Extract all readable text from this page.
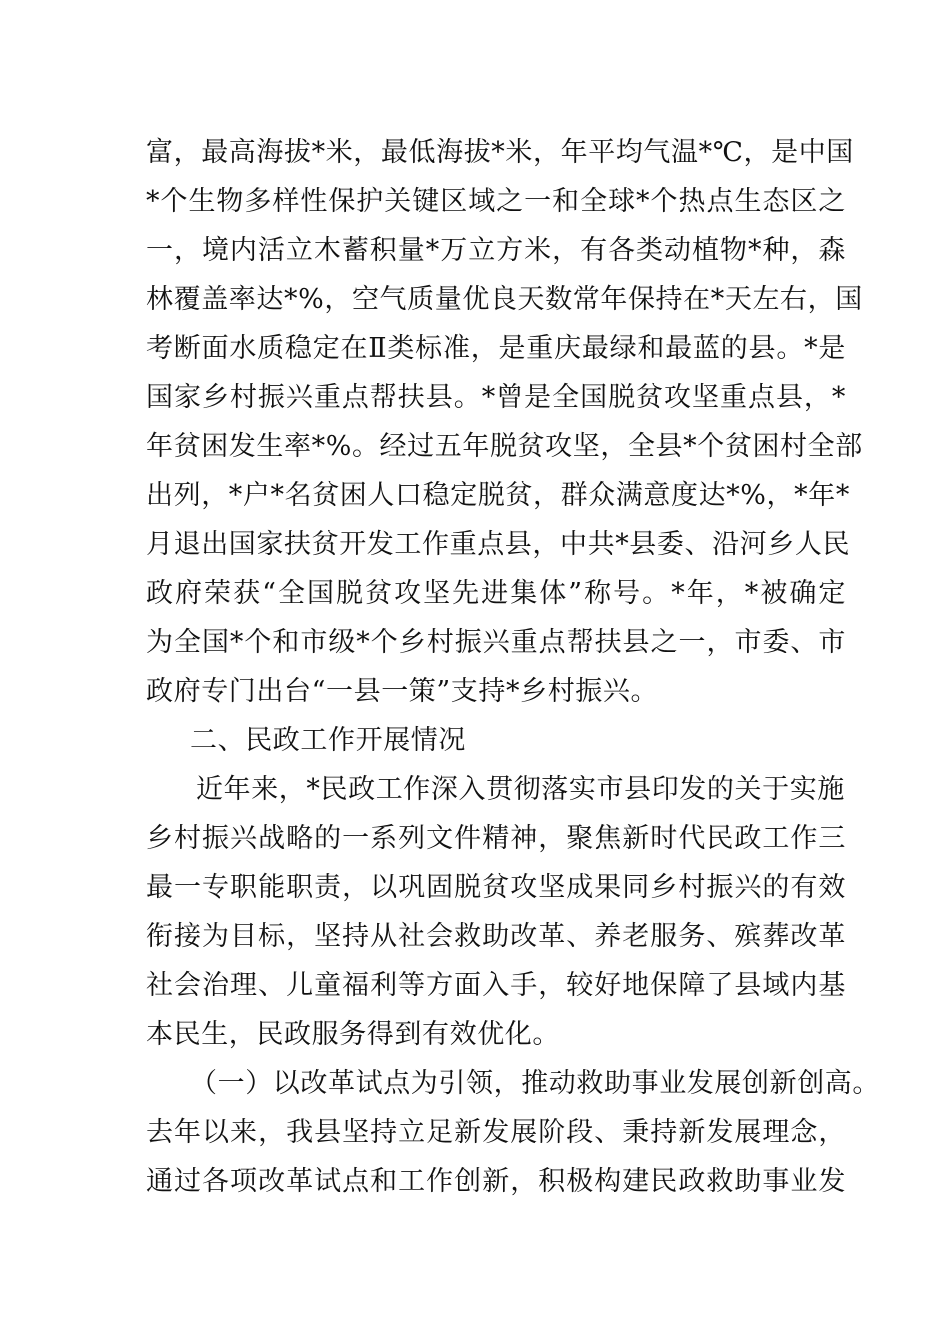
富，最高海拔*米，最低海拔*米，年平均气温*℃，是中国
*个生物多样性保护关键区域之一和全球*个热点生态区之
一，境内活立木蓄积量*万立方米，有各类动植物*种，森
林覆盖率达*%，空气质量优良天数常年保持在*天左右，国
考断面水质稳定在Ⅱ类标准，是重庆最绿和最蓝的县。*是
国家乡村振兴重点帮扶县。*曾是全国脱贫攻坚重点县，*
年贫困发生率*%。经过五年脱贫攻坚，全县*个贫困村全部
出列，*户*名贫困人口稳定脱贫，群众满意度达*%，*年*
月退出国家扶贫开发工作重点县，中共*县委、沿河乡人民
政府荣获“全国脱贫攻坚先进集体”称号。*年，*被确定
为全国*个和市级*个乡村振兴重点帮扶县之一，市委、市
政府专门出台“一县一策”支持*乡村振兴。
二、民政工作开展情况
近年来，*民政工作深入贯彻落实市县印发的关于实施
乡村振兴战略的一系列文件精神，聚焦新时代民政工作三
最一专职能职责，以巩固脱贫攻坚成果同乡村振兴的有效
衔接为目标，坚持从社会救助改革、养老服务、殡葬改革
社会治理、儿童福利等方面入手，较好地保障了县域内基
本民生，民政服务得到有效优化。
（一）以改革试点为引领，推动救助事业发展创新创高。
去年以来，我县坚持立足新发展阶段、秉持新发展理念，
通过各项改革试点和工作创新，积极构建民政救助事业发
